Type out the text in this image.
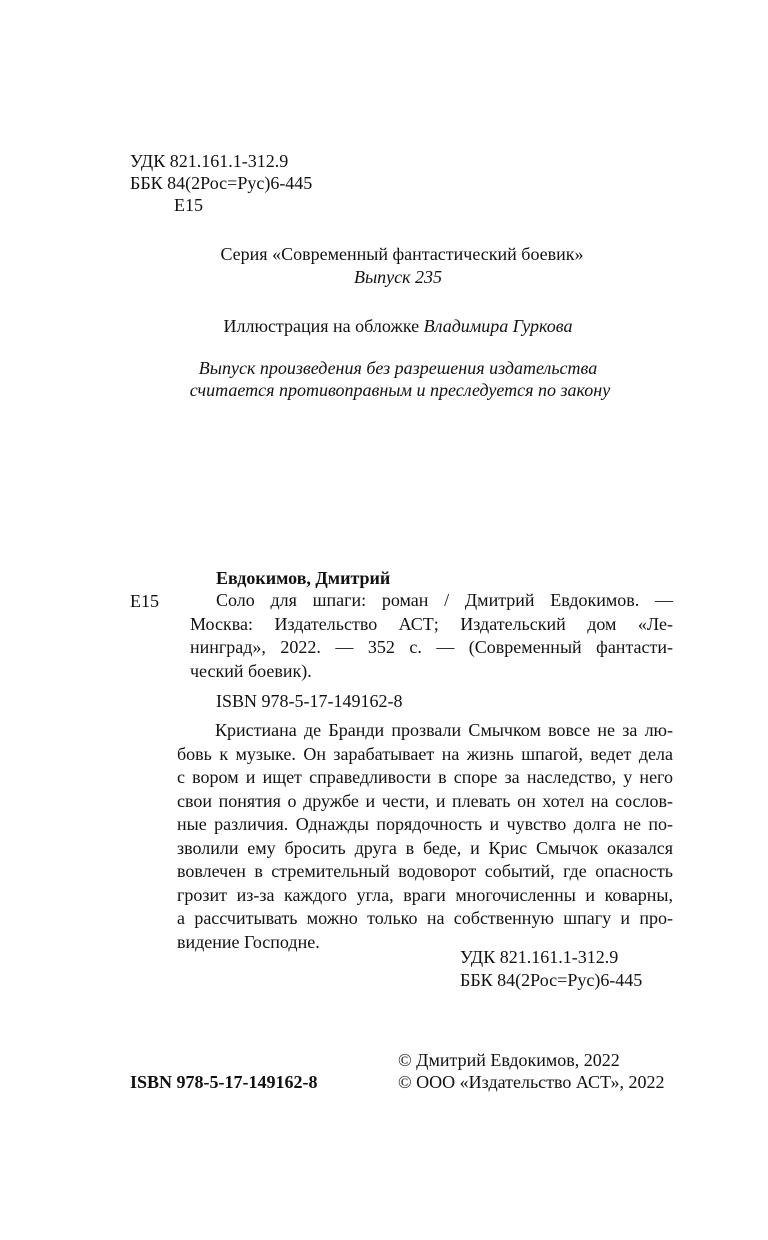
УДК 821.161.1-312.9
ББК 84(2Рос=Рус)6-445
Е15
Серия «Современный фантастический боевик»
Выпуск 235
Иллюстрация на обложке Владимира Гуркова
Выпуск произведения без разрешения издательства
считается противоправным и преследуется по закону
Евдокимов, Дмитрий
Е15	Соло для шпаги: роман / Дмитрий Евдокимов. —
Москва: Издательство АСТ; Издательский дом «Ле-
нинград», 2022. — 352 с. — (Современный фантасти-
ческий боевик).
ISBN 978-5-17-149162-8
Кристиана де Бранди прозвали Смычком вовсе не за лю-
бовь к музыке. Он зарабатывает на жизнь шпагой, ведет дела
с вором и ищет справедливости в споре за наследство, у него
свои понятия о дружбе и чести, и плевать он хотел на сослов-
ные различия. Однажды порядочность и чувство долга не по-
зволили ему бросить друга в беде, и Крис Смычок оказался
вовлечен в стремительный водоворот событий, где опасность
грозит из-за каждого угла, враги многочисленны и коварны,
а рассчитывать можно только на собственную шпагу и про-
видение Господне.
УДК 821.161.1-312.9
ББК 84(2Рос=Рус)6-445
© Дмитрий Евдокимов, 2022
ISBN 978-5-17-149162-8	© ООО «Издательство АСТ», 2022
